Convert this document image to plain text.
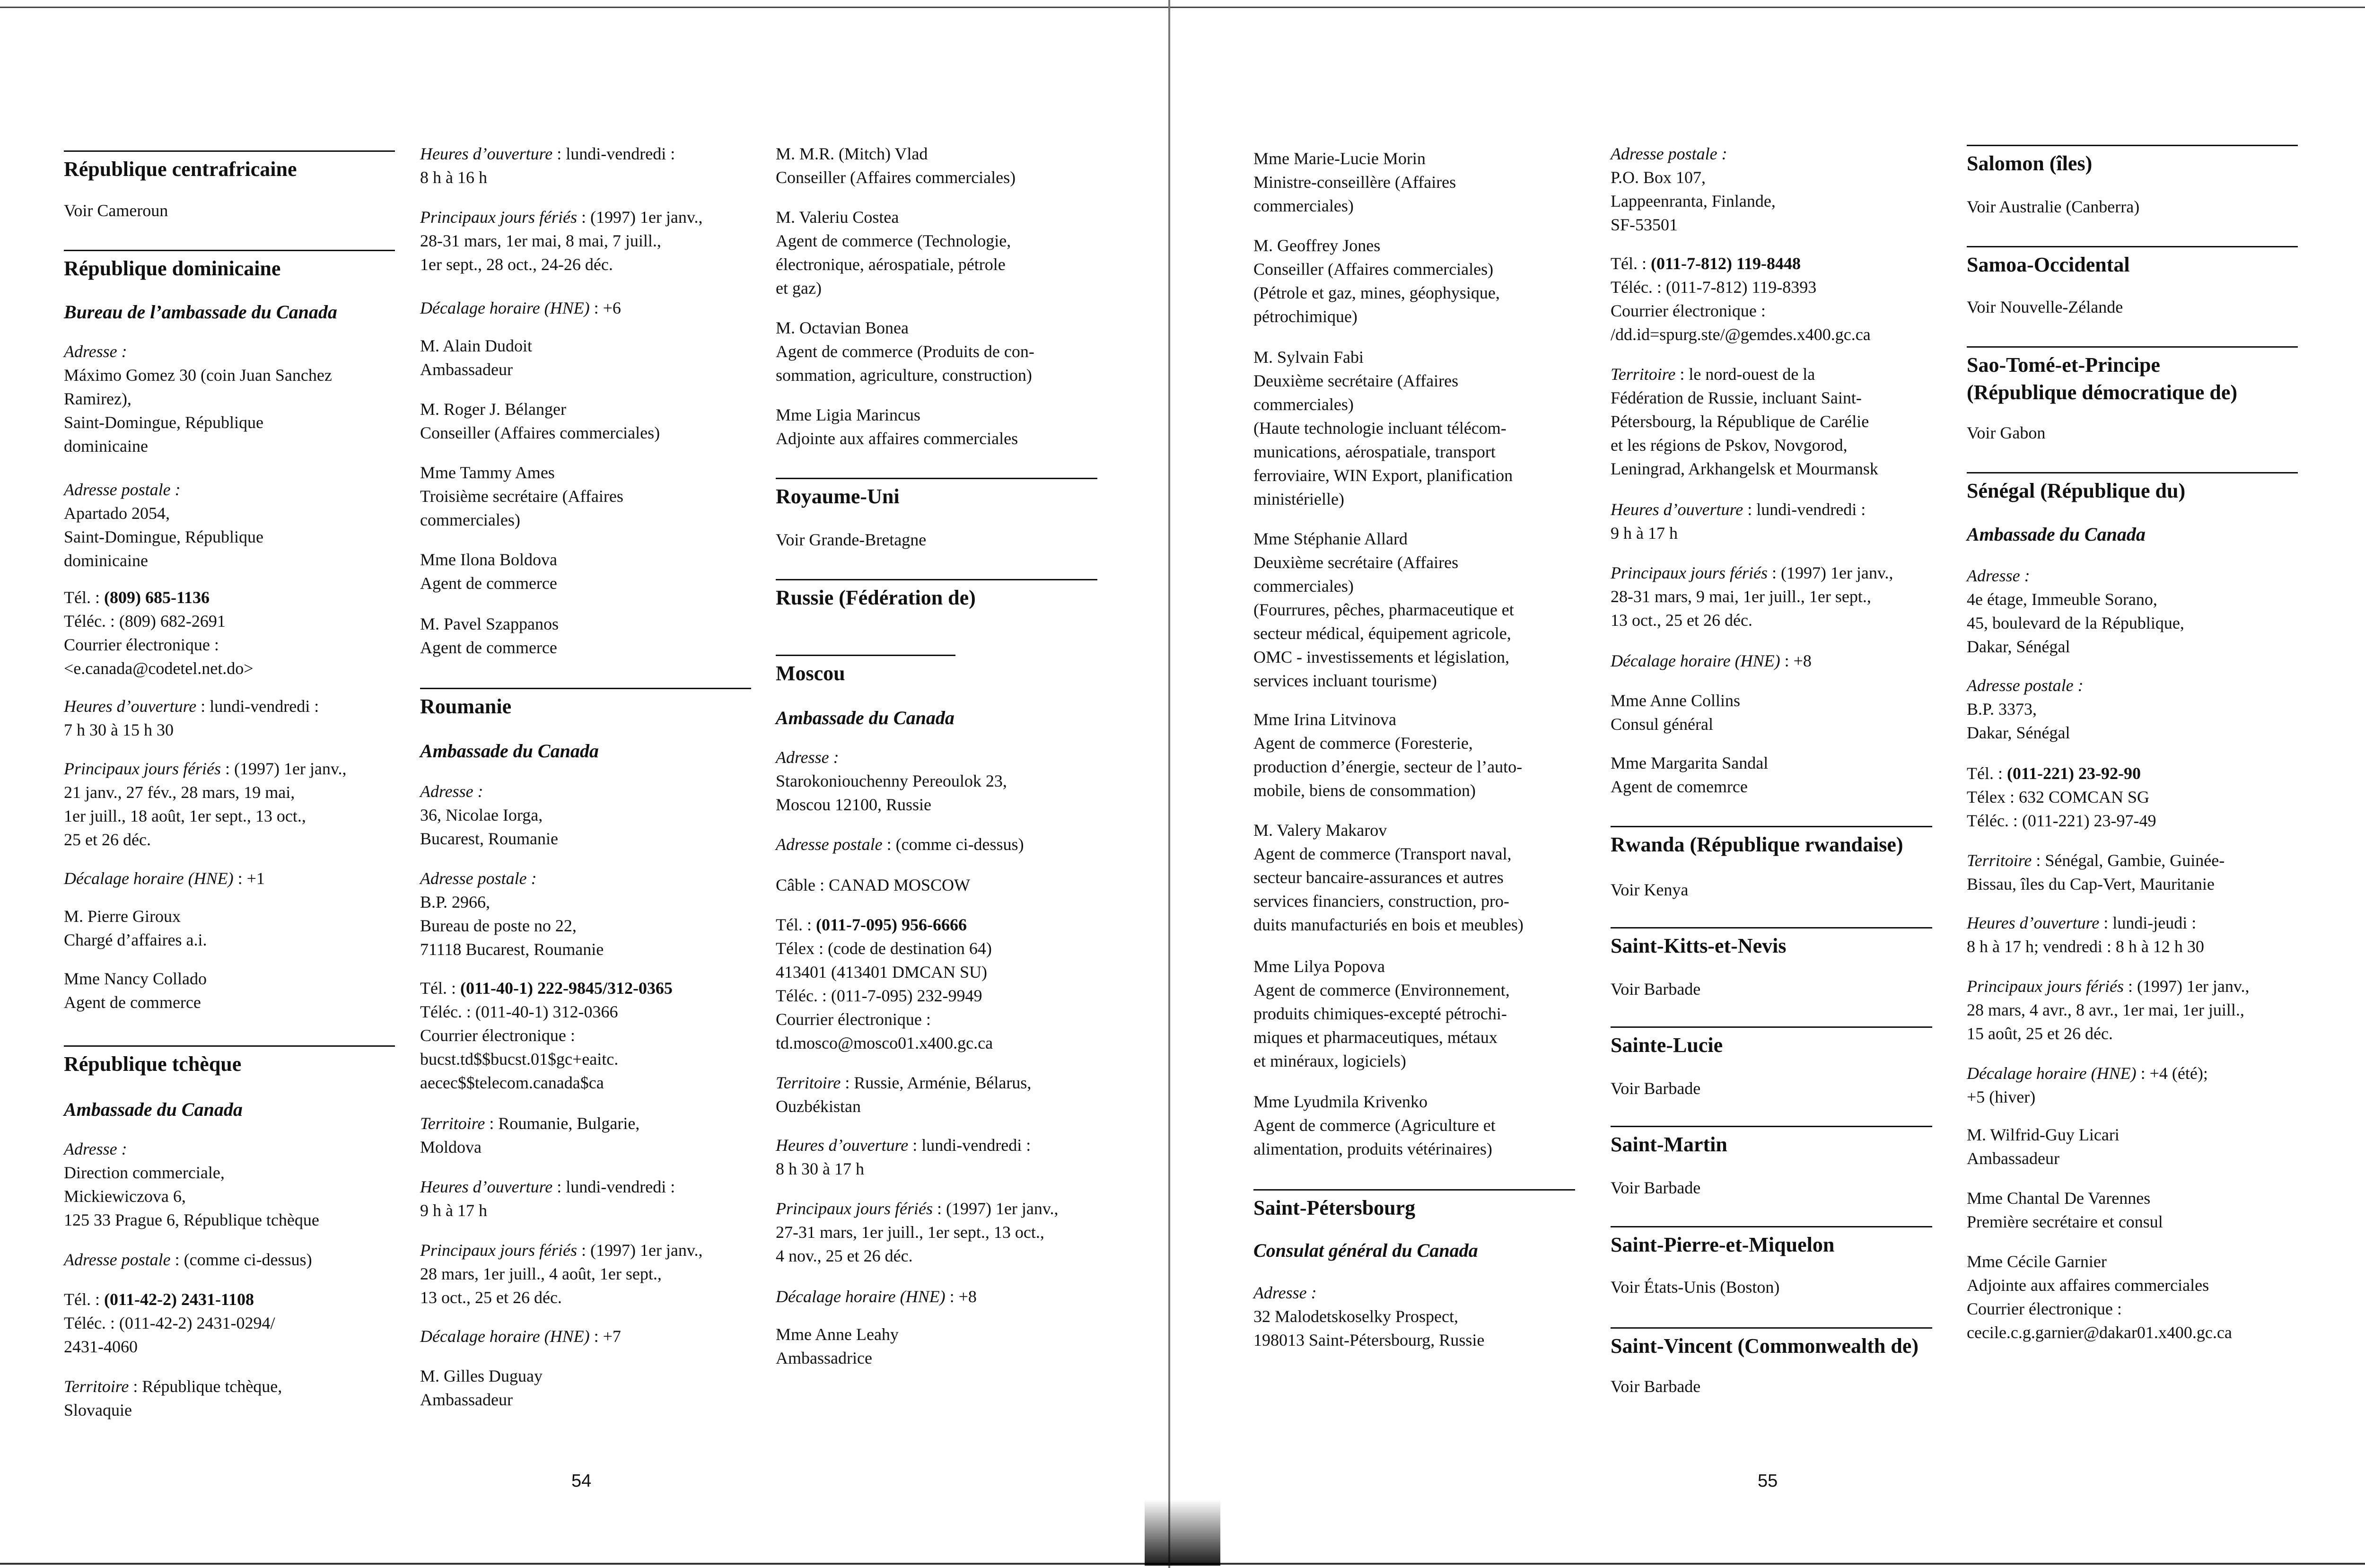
République centrafricaine

Voir Cameroun

République dominicaine

Bureau de l’ambassade du Canada

Adresse :

Máximo Gomez 30 (coin Juan Sanchez
Ramirez),
Saint-Domingue, République
dominicaine

Adresse postale :

Apartado 2054,
Saint-Domingue, République
dominicaine

Tél. : (809) 685-1136

Téléc. : (809) 682-2691
Courrier électronique :
<e.canada@codetel.net.do>

Heures d’ouverture : lundi-vendredi :
7 h 30 à 15 h 30

Principaux jours fériés : (1997) 1er janv.,
21 janv., 27 fév., 28 mars, 19 mai,
1er juill., 18 août, 1er sept., 13 oct.,
25 et 26 déc.

Décalage horaire (HNE) : +1

M. Pierre Giroux
Chargé d’affaires a.i.

Mme Nancy Collado
Agent de commerce

République tchèque

Ambassade du Canada

Adresse :

Direction commerciale,
Mickiewiczova 6,
125 33 Prague 6, République tchèque

Adresse postale : (comme ci-dessus)

Tél. : (011-42-2) 2431-1108

Téléc. : (011-42-2) 2431-0294/
2431-4060

Territoire : République tchèque,
Slovaquie

Heures d’ouverture : lundi-vendredi :
8 h à 16 h

Principaux jours fériés : (1997) 1er janv.,
28-31 mars, 1er mai, 8 mai, 7 juill.,
1er sept., 28 oct., 24-26 déc.

Décalage horaire (HNE) : +6

M. Alain Dudoit
Ambassadeur

M. Roger J. Bélanger
Conseiller (Affaires commerciales)

Mme Tammy Ames
Troisième secrétaire (Affaires
commerciales)

Mme Ilona Boldova
Agent de commerce

M. Pavel Szappanos
Agent de commerce

Roumanie

Ambassade du Canada

Adresse :

36, Nicolae Iorga,
Bucarest, Roumanie

Adresse postale :

B.P. 2966,
Bureau de poste no 22,
71118 Bucarest, Roumanie

Tél. : (011-40-1) 222-9845/312-0365

Téléc. : (011-40-1) 312-0366
Courrier électronique :
bucst.td$$bucst.01$gc+eaitc.
aecec$$telecom.canada$ca

Territoire : Roumanie, Bulgarie,
Moldova

Heures d’ouverture : lundi-vendredi :
9 h à 17 h

Principaux jours fériés : (1997) 1er janv.,
28 mars, 1er juill., 4 août, 1er sept.,
13 oct., 25 et 26 déc.

Décalage horaire (HNE) : +7

M. Gilles Duguay
Ambassadeur

M. M.R. (Mitch) Vlad
Conseiller (Affaires commerciales)

M. Valeriu Costea
Agent de commerce (Technologie,
électronique, aérospatiale, pétrole
et gaz)

M. Octavian Bonea
Agent de commerce (Produits de con-
sommation, agriculture, construction)

Mme Ligia Marincus
Adjointe aux affaires commerciales

Royaume-Uni

Voir Grande-Bretagne

Russie (Fédération de)
Moscou

Ambassade du Canada

Adresse :

Starokoniouchenny Pereoulok 23,
Moscou 12100, Russie

Adresse postale : (comme ci-dessus)

Câble : CANAD MOSCOW

Tél. : (011-7-095) 956-6666

Télex : (code de destination 64)
413401 (413401 DMCAN SU)
Téléc. : (011-7-095) 232-9949
Courrier électronique :
td.mosco@mosco01.x400.gc.ca

Territoire : Russie, Arménie, Bélarus,
Ouzbékistan

Heures d’ouverture : lundi-vendredi :
8 h 30 à 17 h

Principaux jours fériés : (1997) 1er janv.,
27-31 mars, 1er juill., 1er sept., 13 oct.,
4 nov., 25 et 26 déc.

Décalage horaire (HNE) : +8

Mme Anne Leahy
Ambassadrice

54

Mme Marie-Lucie Morin
Ministre-conseillère (Affaires
commerciales)

M. Geoffrey Jones
Conseiller (Affaires commerciales)
(Pétrole et gaz, mines, géophysique,
pétrochimique)

M. Sylvain Fabi
Deuxième secrétaire (Affaires
commerciales)
(Haute technologie incluant télécom-
munications, aérospatiale, transport
ferroviaire, WIN Export, planification
ministérielle)

Mme Stéphanie Allard
Deuxième secrétaire (Affaires
commerciales)
(Fourrures, pêches, pharmaceutique et
secteur médical, équipement agricole,
OMC - investissements et législation,
services incluant tourisme)

Mme Irina Litvinova
Agent de commerce (Foresterie,
production d’énergie, secteur de l’auto-
mobile, biens de consommation)

M. Valery Makarov
Agent de commerce (Transport naval,
secteur bancaire-assurances et autres
services financiers, construction, pro-
duits manufacturiés en bois et meubles)

Mme Lilya Popova
Agent de commerce (Environnement,
produits chimiques-excepté pétrochi-
miques et pharmaceutiques, métaux
et minéraux, logiciels)

Mme Lyudmila Krivenko
Agent de commerce (Agriculture et
alimentation, produits vétérinaires)

Saint-Pétersbourg

Consulat général du Canada

Adresse :

32 Malodetskoselky Prospect,
198013 Saint-Pétersbourg, Russie

Adresse postale :

P.O. Box 107,
Lappeenranta, Finlande,
SF-53501

Tél. : (011-7-812) 119-8448

Téléc. : (011-7-812) 119-8393
Courrier électronique :
/dd.id=spurg.ste/@gemdes.x400.gc.ca

Territoire : le nord-ouest de la
Fédération de Russie, incluant Saint-
Pétersbourg, la République de Carélie
et les régions de Pskov, Novgorod,
Leningrad, Arkhangelsk et Mourmansk

Heures d’ouverture : lundi-vendredi :
9 h à 17 h

Principaux jours fériés : (1997) 1er janv.,
28-31 mars, 9 mai, 1er juill., 1er sept.,
13 oct., 25 et 26 déc.

Décalage horaire (HNE) : +8

Mme Anne Collins
Consul général

Mme Margarita Sandal
Agent de comemrce

Rwanda (République rwandaise)

Voir Kenya

Saint-Kitts-et-Nevis

Voir Barbade

Sainte-Lucie

Voir Barbade

Saint-Martin

Voir Barbade

Saint-Pierre-et-Miquelon

Voir États-Unis (Boston)

Saint-Vincent (Commonwealth de)

Voir Barbade

Salomon (îles)

Voir Australie (Canberra)

Samoa-Occidental

Voir Nouvelle-Zélande

Sao-Tomé-et-Principe
(République démocratique de)

Voir Gabon

Sénégal (République du)

Ambassade du Canada

Adresse :

4e étage, Immeuble Sorano,
45, boulevard de la République,
Dakar, Sénégal

Adresse postale :

B.P. 3373,
Dakar, Sénégal

Tél. : (011-221) 23-92-90

Télex : 632 COMCAN SG
Téléc. : (011-221) 23-97-49

Territoire : Sénégal, Gambie, Guinée-
Bissau, îles du Cap-Vert, Mauritanie

Heures d’ouverture : lundi-jeudi :
8 h à 17 h; vendredi : 8 h à 12 h 30

Principaux jours fériés : (1997) 1er janv.,
28 mars, 4 avr., 8 avr., 1er mai, 1er juill.,
15 août, 25 et 26 déc.

Décalage horaire (HNE) : +4 (été);
+5 (hiver)

M. Wilfrid-Guy Licari
Ambassadeur

Mme Chantal De Varennes
Première secrétaire et consul

Mme Cécile Garnier
Adjointe aux affaires commerciales
Courrier électronique :
cecile.c.g.garnier@dakar01.x400.gc.ca

55
